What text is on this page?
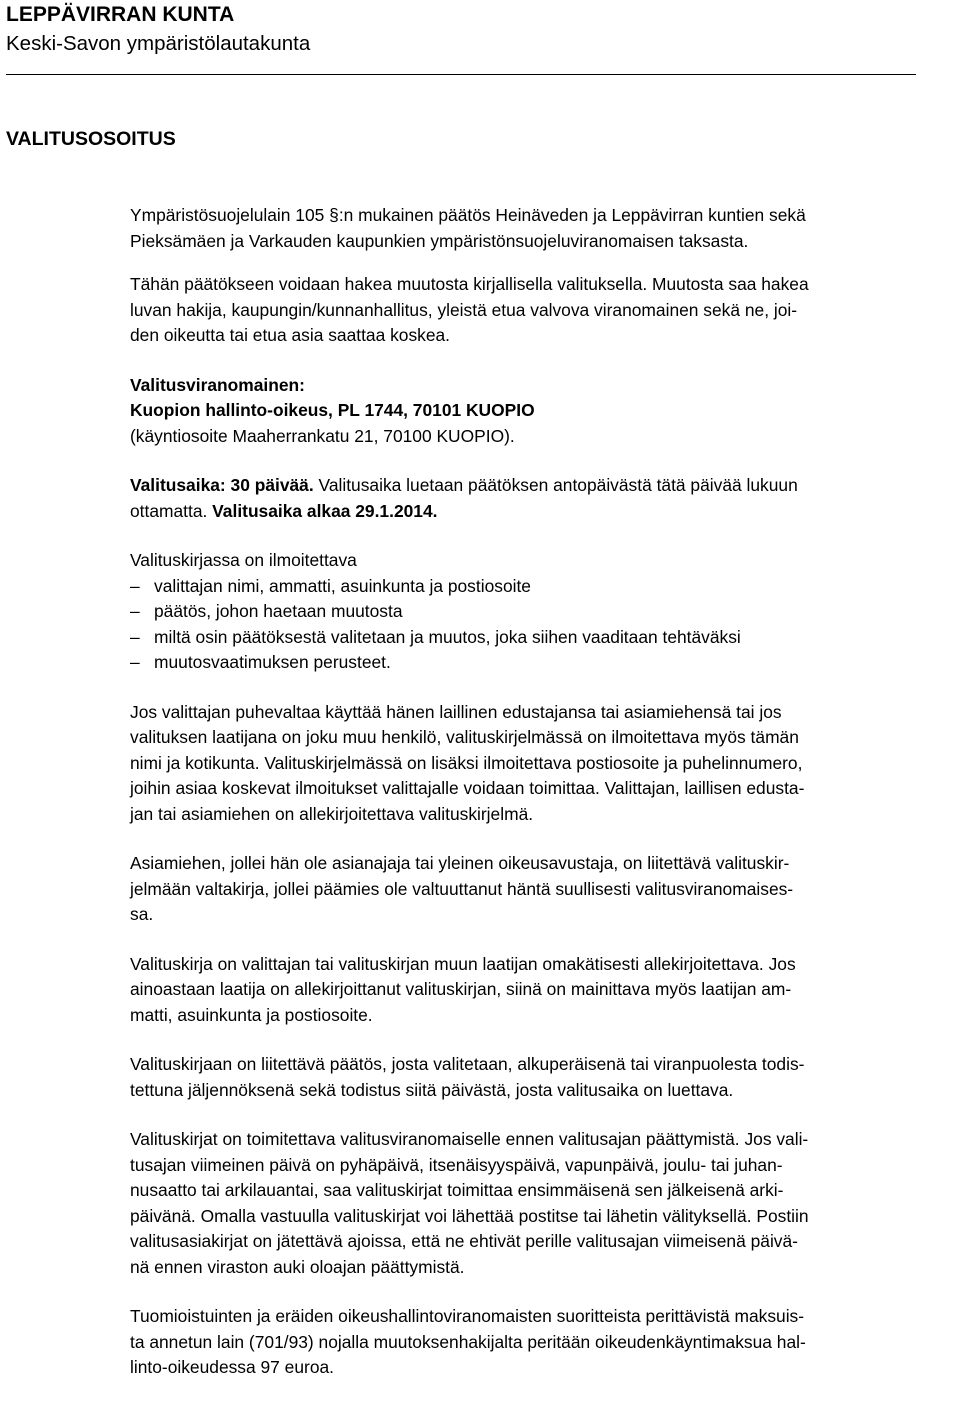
LEPPÄVIRRAN KUNTA
Keski-Savon ympäristölautakunta
VALITUSOSOITUS
Ympäristösuojelulain 105 §:n mukainen päätös Heinäveden ja Leppävirran kuntien sekä
Pieksämäen ja Varkauden kaupunkien ympäristönsuojeluviranomaisen taksasta.
Tähän päätökseen voidaan hakea muutosta kirjallisella valituksella. Muutosta saa hakea
luvan hakija, kaupungin/kunnanhallitus, yleistä etua valvova viranomainen sekä ne, joi-
den oikeutta tai etua asia saattaa koskea.
Valitusviranomainen:
Kuopion hallinto-oikeus, PL 1744, 70101 KUOPIO
(käyntiosoite Maaherrankatu 21, 70100 KUOPIO).
Valitusaika: 30 päivää. Valitusaika luetaan päätöksen antopäivästä tätä päivää lukuun
ottamatta. Valitusaika alkaa 29.1.2014.
Valituskirjassa on ilmoitettava
– valittajan nimi, ammatti, asuinkunta ja postiosoite
– päätös, johon haetaan muutosta
– miltä osin päätöksestä valitetaan ja muutos, joka siihen vaaditaan tehtäväksi
– muutosvaatimuksen perusteet.
Jos valittajan puhevaltaa käyttää hänen laillinen edustajansa tai asiamiehensä tai jos
valituksen laatijana on joku muu henkilö, valituskirjelmässä on ilmoitettava myös tämän
nimi ja kotikunta. Valituskirjelmässä on lisäksi ilmoitettava postiosoite ja puhelinnumero,
joihin asiaa koskevat ilmoitukset valittajalle voidaan toimittaa. Valittajan, laillisen edusta-
jan tai asiamiehen on allekirjoitettava valituskirjelmä.
Asiamiehen, jollei hän ole asianajaja tai yleinen oikeusavustaja, on liitettävä valituskir-
jelmään valtakirja, jollei päämies ole valtuuttanut häntä suullisesti valitusviranomaises-
sa.
Valituskirja on valittajan tai valituskirjan muun laatijan omakätisesti allekirjoitettava. Jos
ainoastaan laatija on allekirjoittanut valituskirjan, siinä on mainittava myös laatijan am-
matti, asuinkunta ja postiosoite.
Valituskirjaan on liitettävä päätös, josta valitetaan, alkuperäisenä tai viranpuolesta todis-
tettuna jäljennöksenä sekä todistus siitä päivästä, josta valitusaika on luettava.
Valituskirjat on toimitettava valitusviranomaiselle ennen valitusajan päättymistä. Jos vali-
tusajan viimeinen päivä on pyhäpäivä, itsenäisyyspäivä, vapunpäivä, joulu- tai juhan-
nusaatto tai arkilauantai, saa valituskirjat toimittaa ensimmäisenä sen jälkeisenä arki-
päivänä. Omalla vastuulla valituskirjat voi lähettää postitse tai lähetin välityksellä. Postiin
valitusasiakirjat on jätettävä ajoissa, että ne ehtivät perille valitusajan viimeisenä päivä-
nä ennen viraston auki oloajan päättymistä.
Tuomioistuinten ja eräiden oikeushallintoviranomaisten suoritteista perittävistä maksuis-
ta annetun lain (701/93) nojalla muutoksenhakijalta peritään oikeudenkäyntimaksua hal-
linto-oikeudessa 97 euroa.
